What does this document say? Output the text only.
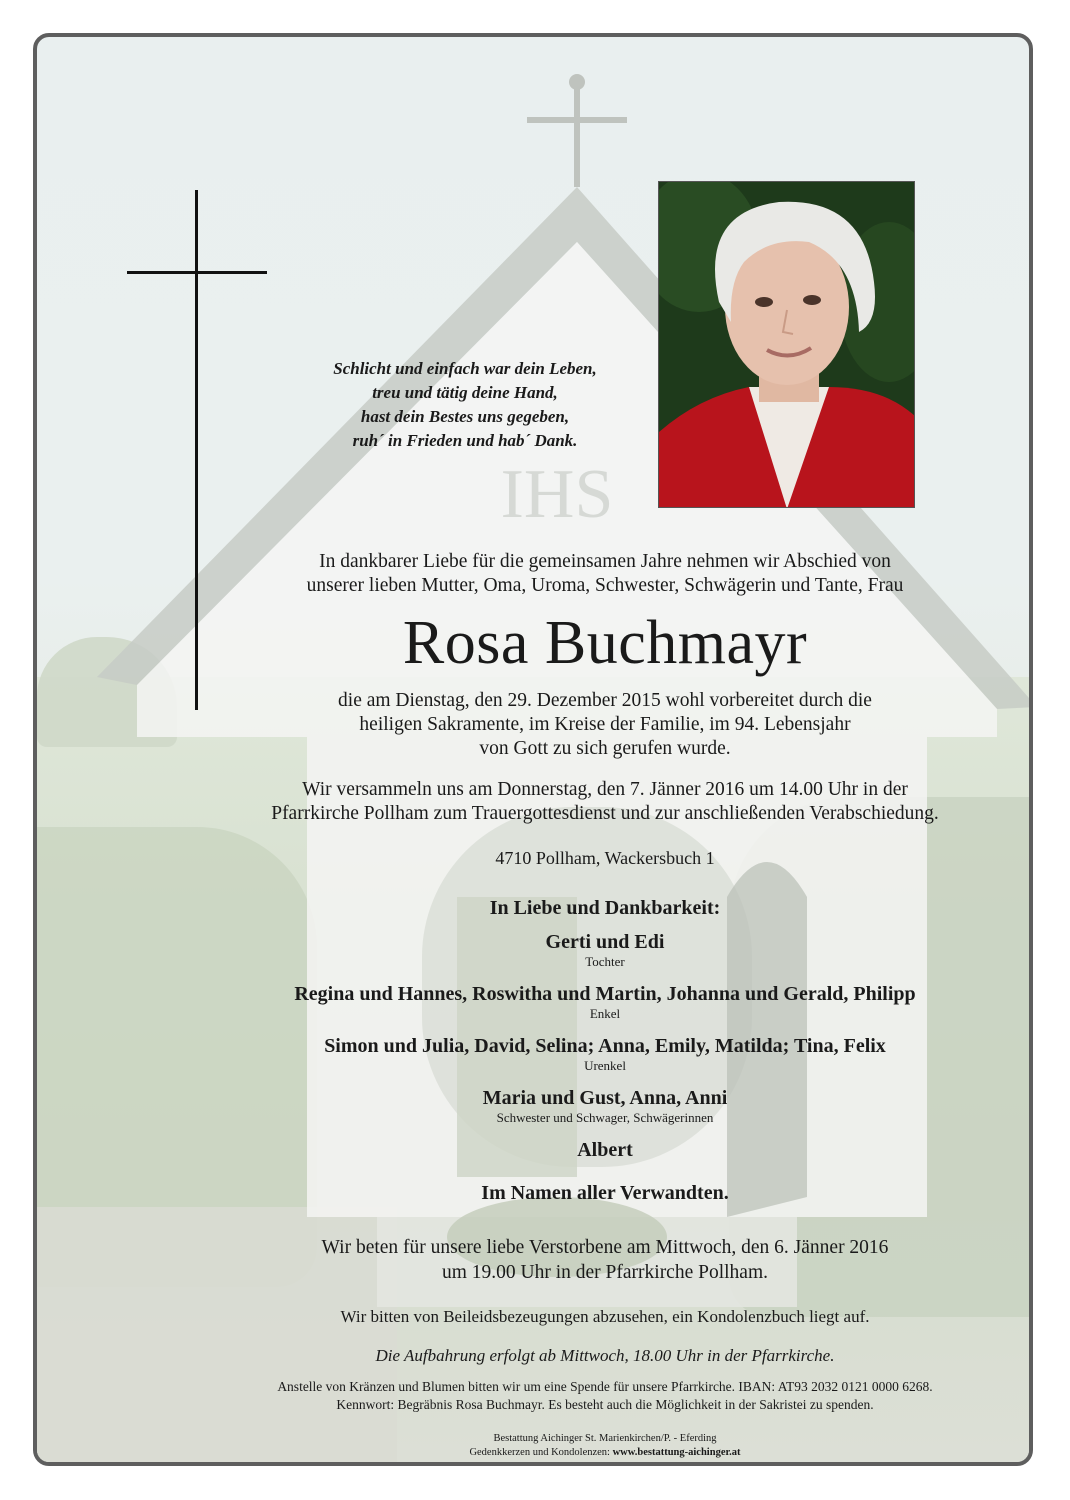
IHS
Schlicht und einfach war dein Leben,
treu und tätig deine Hand,
hast dein Bestes uns gegeben,
ruh´ in Frieden und hab´ Dank.
In dankbarer Liebe für die gemeinsamen Jahre nehmen wir Abschied von
unserer lieben Mutter, Oma, Uroma, Schwester, Schwägerin und Tante, Frau
Rosa Buchmayr
die am Dienstag, den 29. Dezember 2015 wohl vorbereitet durch die
heiligen Sakramente, im Kreise der Familie, im 94. Lebensjahr
von Gott zu sich gerufen wurde.
Wir versammeln uns am Donnerstag, den 7. Jänner 2016 um 14.00 Uhr in der
Pfarrkirche Pollham zum Trauergottesdienst und zur anschließenden Verabschiedung.
4710 Pollham, Wackersbuch 1
In Liebe und Dankbarkeit:
Gerti und Edi
Tochter
Regina und Hannes, Roswitha und Martin, Johanna und Gerald, Philipp
Enkel
Simon und Julia, David, Selina; Anna, Emily, Matilda; Tina, Felix
Urenkel
Maria und Gust, Anna, Anni
Schwester und Schwager, Schwägerinnen
Albert
Im Namen aller Verwandten.
Wir beten für unsere liebe Verstorbene am Mittwoch, den 6. Jänner 2016
um 19.00 Uhr in der Pfarrkirche Pollham.
Wir bitten von Beileidsbezeugungen abzusehen, ein Kondolenzbuch liegt auf.
Die Aufbahrung erfolgt ab Mittwoch, 18.00 Uhr in der Pfarrkirche.
Anstelle von Kränzen und Blumen bitten wir um eine Spende für unsere Pfarrkirche. IBAN: AT93 2032 0121 0000 6268.
Kennwort: Begräbnis Rosa Buchmayr. Es besteht auch die Möglichkeit in der Sakristei zu spenden.
Bestattung Aichinger St. Marienkirchen/P. - Eferding
Gedenkkerzen und Kondolenzen: www.bestattung-aichinger.at
